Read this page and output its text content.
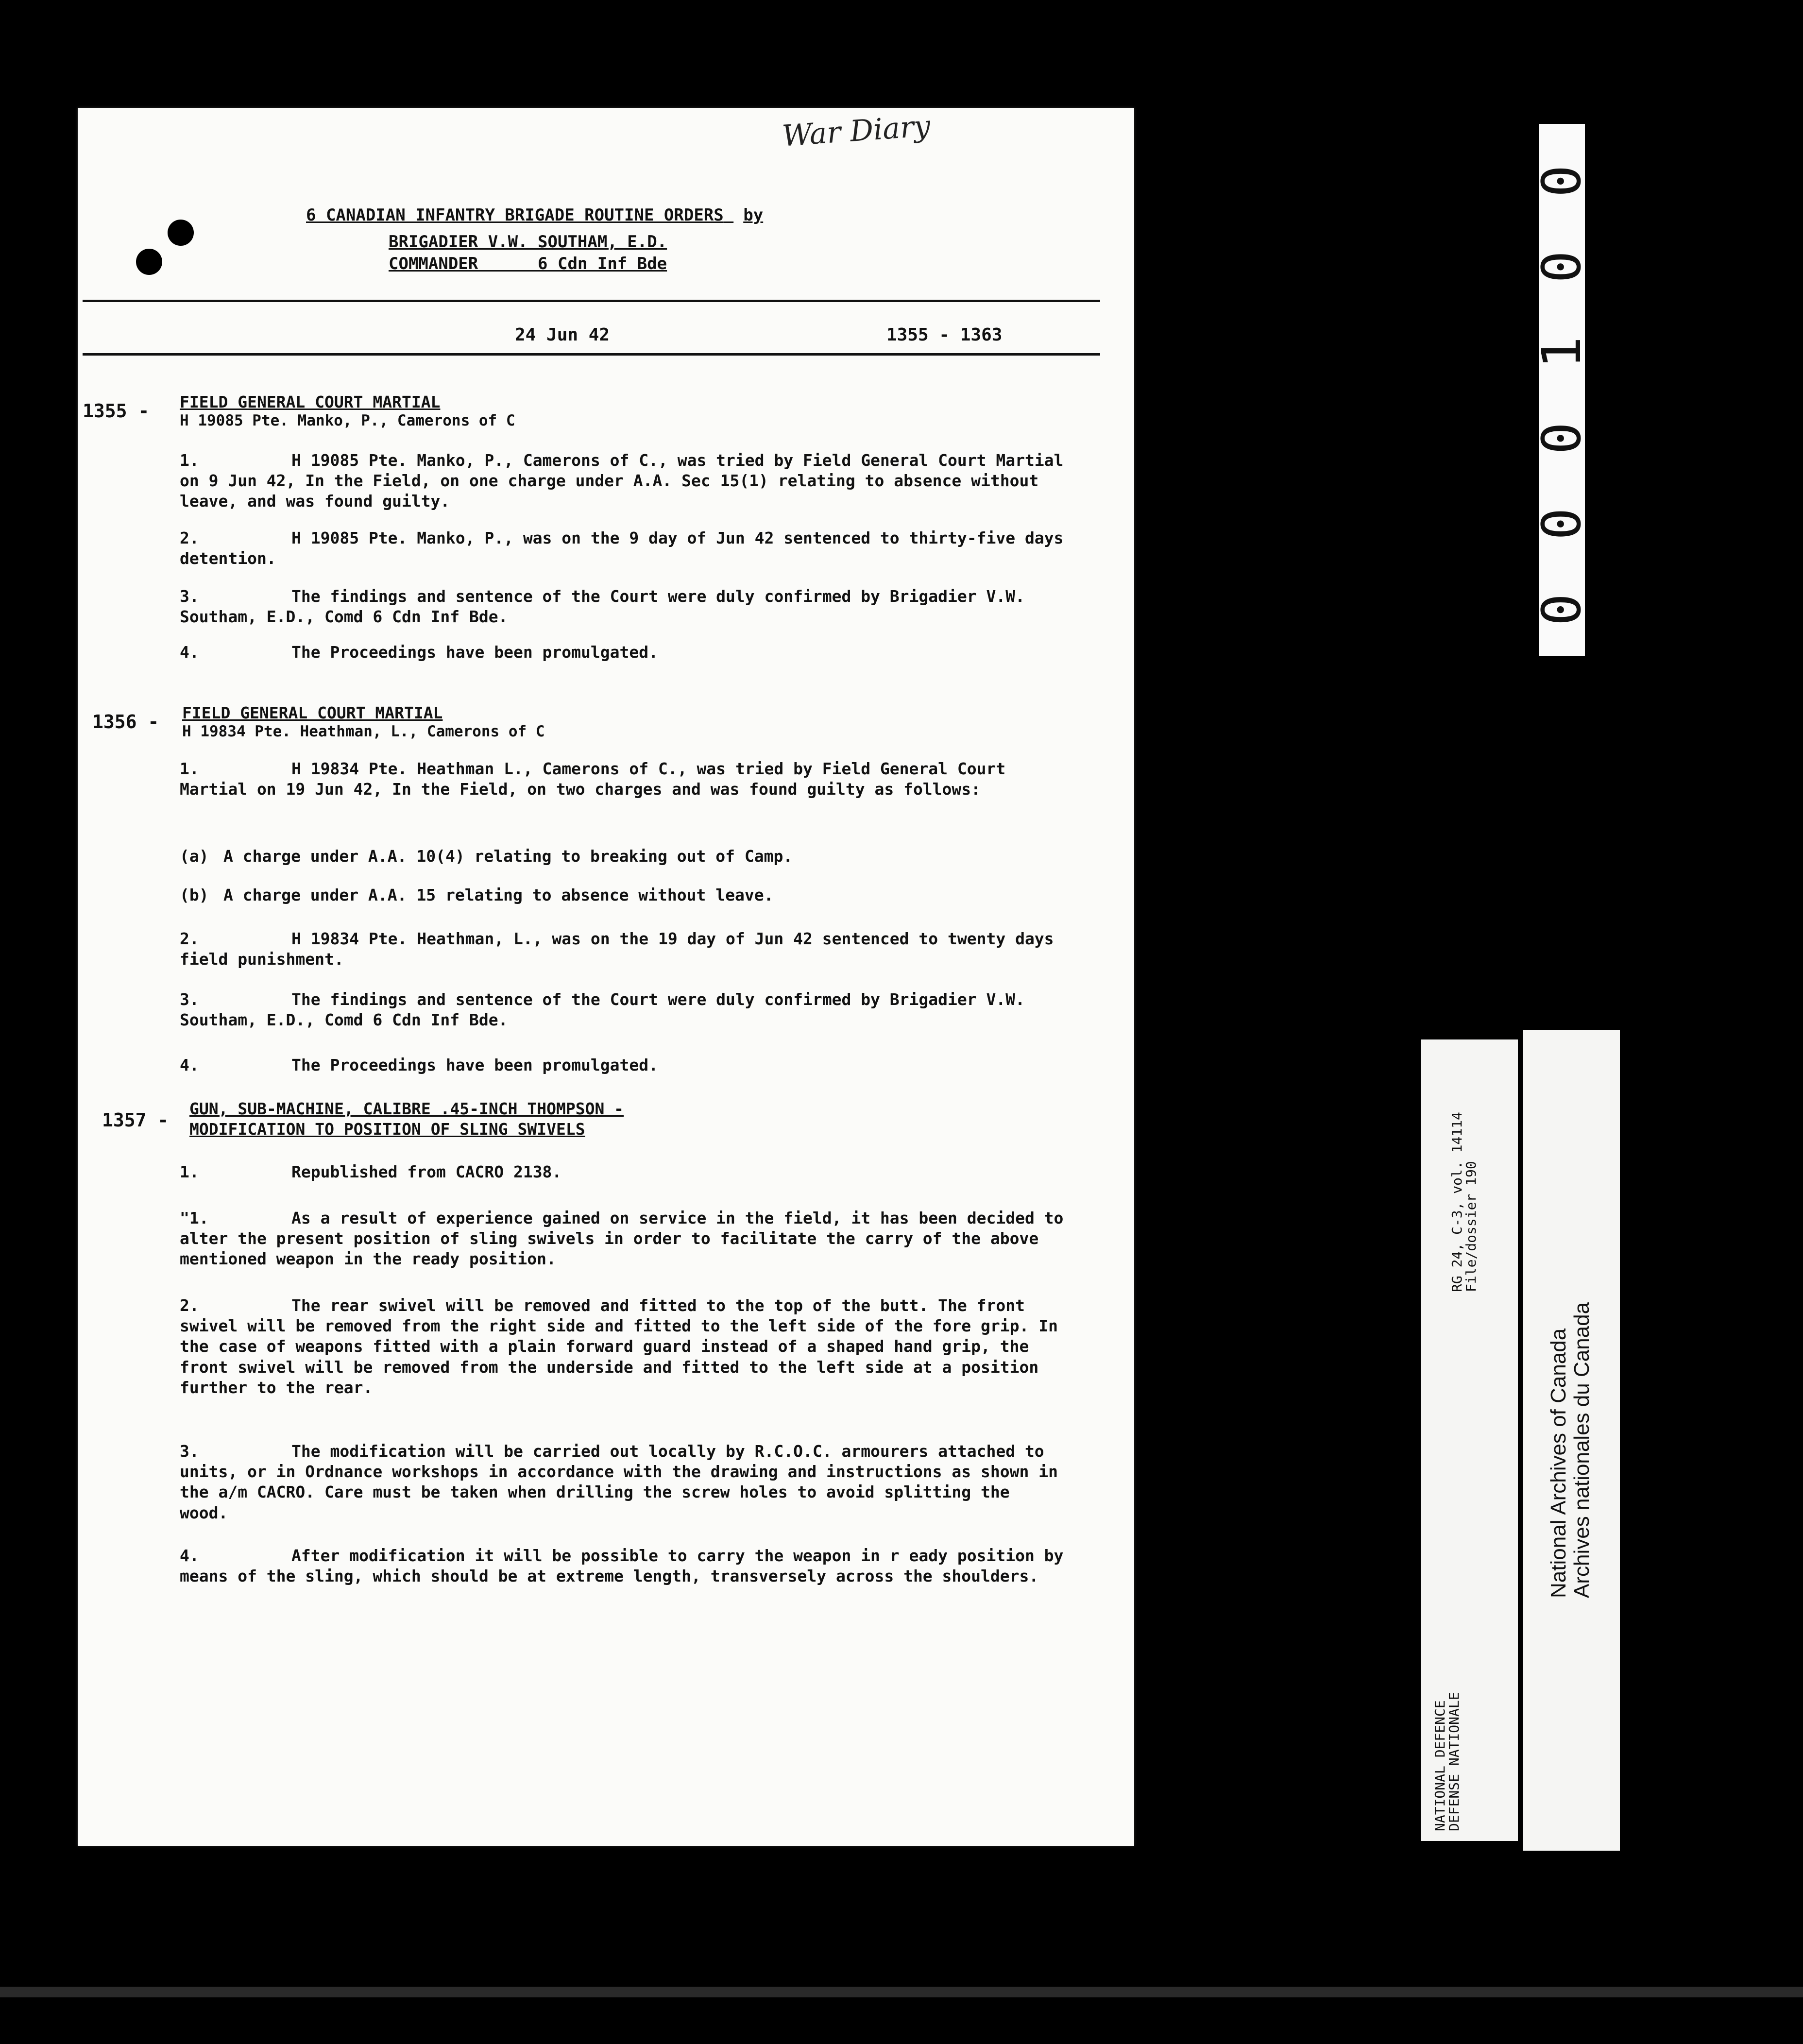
War Diary
6 CANADIAN INFANTRY BRIGADE ROUTINE ORDERS by
BRIGADIER V.W. SOUTHAM, E.D.
COMMANDER      6 Cdn Inf Bde
24 Jun 42	1355 - 1363
1355 - FIELD GENERAL COURT MARTIAL
H 19085 Pte. Manko, P., Camerons of C
1.	H 19085 Pte. Manko, P., Camerons of C., was tried by Field General Court Martial on 9 Jun 42, In the Field, on one charge under A.A. Sec 15(1) relating to absence without leave, and was found guilty.
2.	H 19085 Pte. Manko, P., was on the 9 day of Jun 42 sentenced to thirty-five days detention.
3.	The findings and sentence of the Court were duly confirmed by Brigadier V.W. Southam, E.D., Comd 6 Cdn Inf Bde.
4.	The Proceedings have been promulgated.
1356 - FIELD GENERAL COURT MARTIAL
H 19834 Pte. Heathman, L., Camerons of C
1.	H 19834 Pte. Heathman L., Camerons of C., was tried by Field General Court Martial on 19 Jun 42, In the Field, on two charges and was found guilty as follows:
(a) A charge under A.A. 10(4) relating to breaking out of Camp.
(b) A charge under A.A. 15 relating to absence without leave.
2.	H 19834 Pte. Heathman, L., was on the 19 day of Jun 42 sentenced to twenty days field punishment.
3.	The findings and sentence of the Court were duly confirmed by Brigadier V.W. Southam, E.D., Comd 6 Cdn Inf Bde.
4.	The Proceedings have been promulgated.
1357 -
GUN, SUB-MACHINE, CALIBRE .45-INCH THOMPSON -
MODIFICATION TO POSITION OF SLING SWIVELS
1.	Republished from CACRO 2138.
"1.	As a result of experience gained on service in the field, it has been decided to alter the present position of sling swivels in order to facilitate the carry of the above mentioned weapon in the ready position.
2.	The rear swivel will be removed and fitted to the top of the butt. The front swivel will be removed from the right side and fitted to the left side of the fore grip. In the case of weapons fitted with a plain forward guard instead of a shaped hand grip, the front swivel will be removed from the underside and fitted to the left side at a position further to the rear.
3.	The modification will be carried out locally by R.C.O.C. armourers attached to units, or in Ordnance workshops in accordance with the drawing and instructions as shown in the a/m CACRO. Care must be taken when drilling the screw holes to avoid splitting the wood.
4.	After modification it will be possible to carry the weapon in r eady position by means of the sling, which should be at extreme length, transversely across the shoulders.
0 0 0 1 0 0
RG 24, C-3, vol. 14114
File/dossier 190
NATIONAL DEFENCE
DEFENSE NATIONALE
National Archives of Canada
Archives nationales du Canada
